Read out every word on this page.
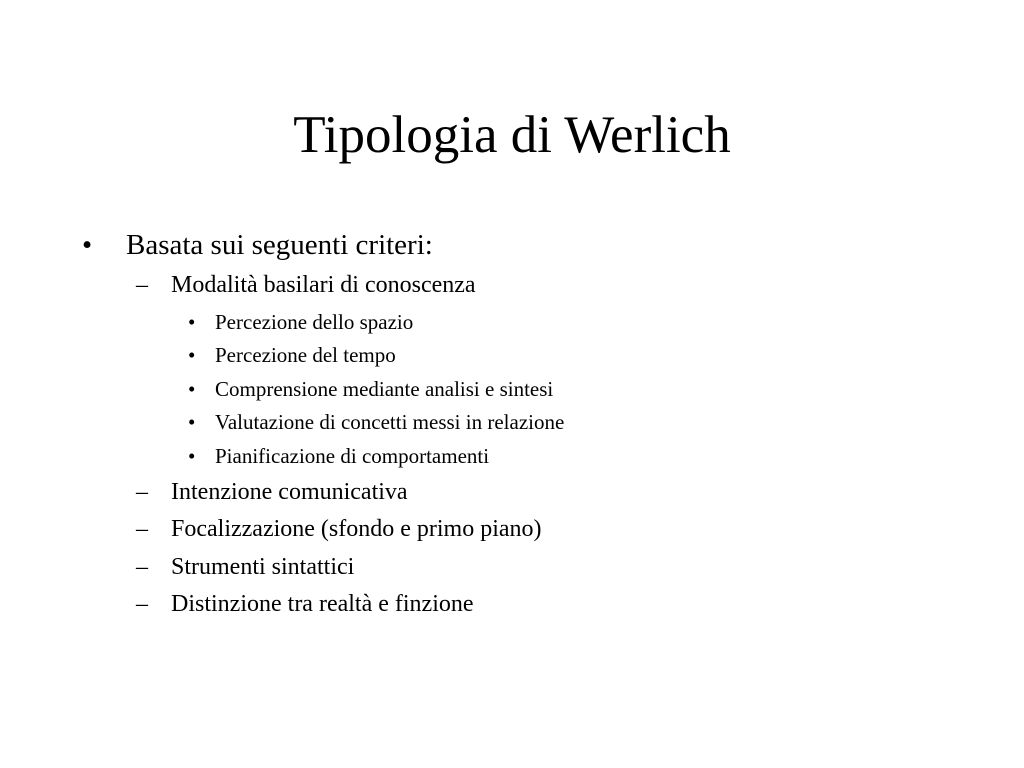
Tipologia di Werlich
• Basata sui seguenti criteri:
– Modalità basilari di conoscenza
• Percezione dello spazio
• Percezione del tempo
• Comprensione mediante analisi e sintesi
• Valutazione di concetti messi in relazione
• Pianificazione di comportamenti
– Intenzione comunicativa
– Focalizzazione (sfondo e primo piano)
– Strumenti sintattici
– Distinzione tra realtà e finzione
